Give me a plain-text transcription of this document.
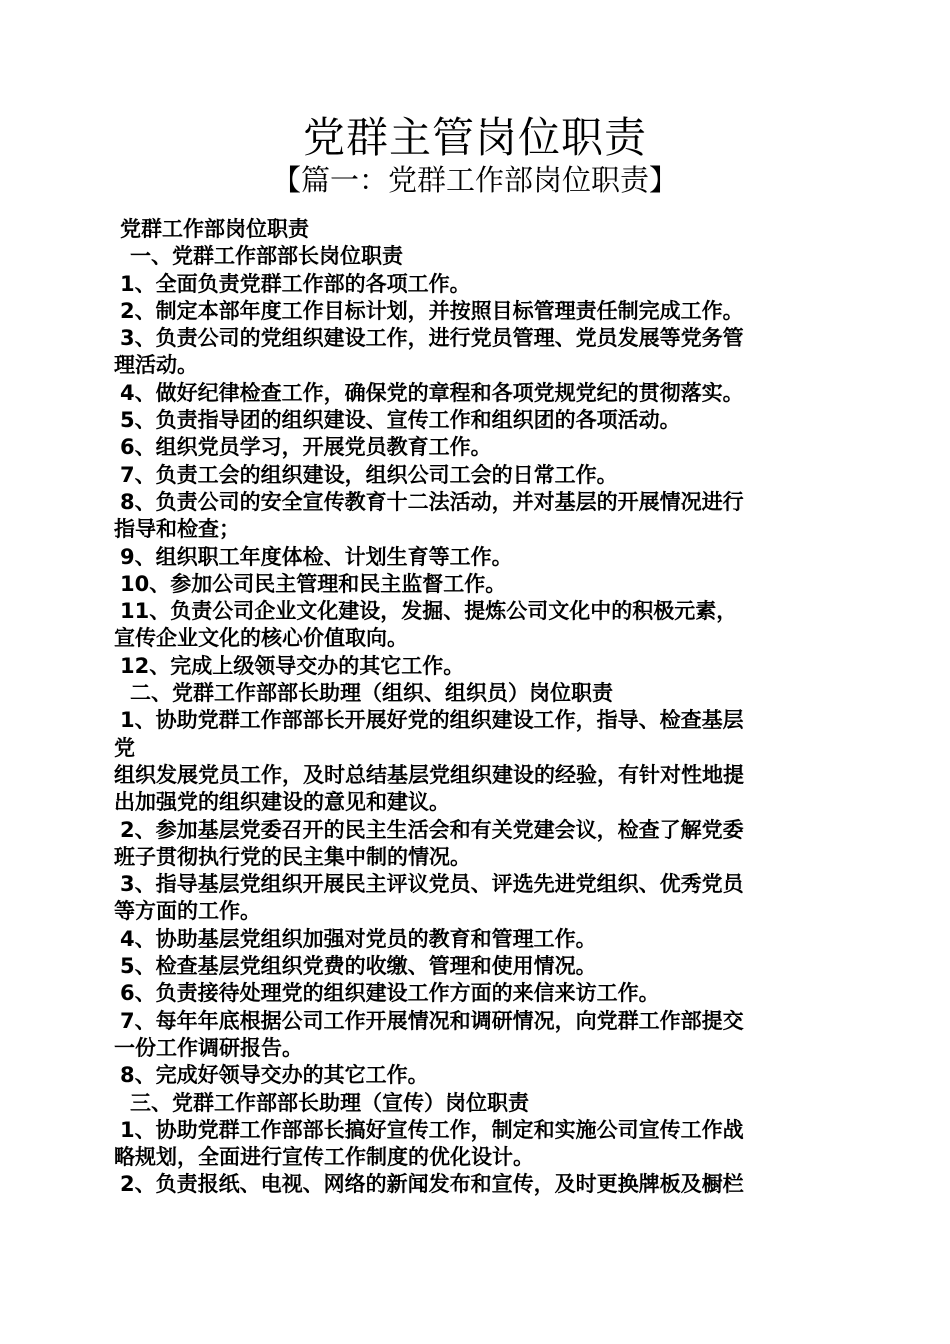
党群主管岗位职责
【篇一：党群工作部岗位职责】
党群工作部岗位职责
一、党群工作部部长岗位职责
1、全面负责党群工作部的各项工作。
2、制定本部年度工作目标计划，并按照目标管理责任制完成工作。
3、负责公司的党组织建设工作，进行党员管理、党员发展等党务管
理活动。
4、做好纪律检查工作，确保党的章程和各项党规党纪的贯彻落实。
5、负责指导团的组织建设、宣传工作和组织团的各项活动。
6、组织党员学习，开展党员教育工作。
7、负责工会的组织建设，组织公司工会的日常工作。
8、负责公司的安全宣传教育十二法活动，并对基层的开展情况进行
指导和检查；
9、组织职工年度体检、计划生育等工作。
10、参加公司民主管理和民主监督工作。
11、负责公司企业文化建设，发掘、提炼公司文化中的积极元素，
宣传企业文化的核心价值取向。
12、完成上级领导交办的其它工作。
二、党群工作部部长助理（组织、组织员）岗位职责
1、协助党群工作部部长开展好党的组织建设工作，指导、检查基层
党
组织发展党员工作，及时总结基层党组织建设的经验，有针对性地提
出加强党的组织建设的意见和建议。
2、参加基层党委召开的民主生活会和有关党建会议，检查了解党委
班子贯彻执行党的民主集中制的情况。
3、指导基层党组织开展民主评议党员、评选先进党组织、优秀党员
等方面的工作。
4、协助基层党组织加强对党员的教育和管理工作。
5、检查基层党组织党费的收缴、管理和使用情况。
6、负责接待处理党的组织建设工作方面的来信来访工作。
7、每年年底根据公司工作开展情况和调研情况，向党群工作部提交
一份工作调研报告。
8、完成好领导交办的其它工作。
三、党群工作部部长助理（宣传）岗位职责
1、协助党群工作部部长搞好宣传工作，制定和实施公司宣传工作战
略规划，全面进行宣传工作制度的优化设计。
2、负责报纸、电视、网络的新闻发布和宣传，及时更换牌板及橱栏
